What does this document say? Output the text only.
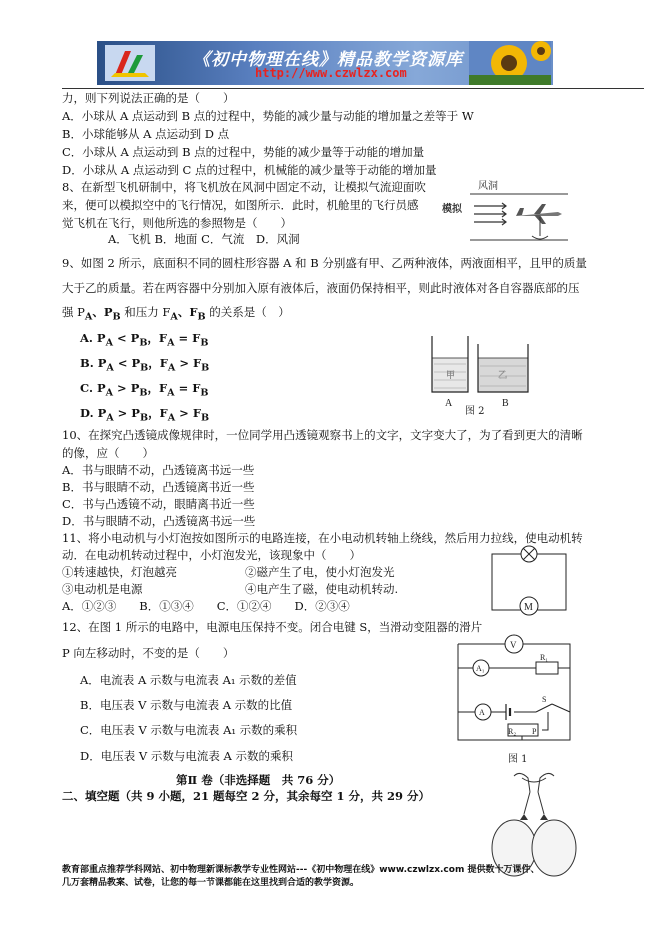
《初中物理在线》精品教学资源库
http://www.czwlzx.com
力，则下列说法正确的是（　　）
A．小球从 A 点运动到 B 点的过程中，势能的减少量与动能的增加量之差等于 W
B．小球能够从 A 点运动到 D 点
C．小球从 A 点运动到 B 点的过程中，势能的减少量等于动能的增加量
D．小球从 A 点运动到 C 点的过程中，机械能的减少量等于动能的增加量
8、在新型飞机研制中，将飞机放在风洞中固定不动，让模拟气流迎面吹
来，便可以模拟空中的飞行情况，如图所示．此时，机舱里的飞行员感
觉飞机在飞行，则他所选的参照物是（　　）
A．飞机 B．地面 C．气流　D．风洞
风洞
模拟
9、如图 2 所示，底面积不同的圆柱形容器 A 和 B 分别盛有甲、乙两种液体，两液面相平，且甲的质量
大于乙的质量。若在两容器中分别加入原有液体后，液面仍保持相平，则此时液体对各自容器底部的压
强 $P_A$、$P_B$ 和压力 $F_A$、$F_B$ 的关系是（　）
A. $P_A < P_B$，$F_A = F_B$
B. $P_A < P_B$，$F_A > F_B$
C. $P_A > P_B$，$F_A = F_B$
D. $P_A > P_B$，$F_A > F_B$
甲	乙
A	B
图 2
10、在探究凸透镜成像规律时，一位同学用凸透镜观察书上的文字，文字变大了，为了看到更大的清晰
的像，应（　　）
A．书与眼睛不动，凸透镜离书远一些
B．书与眼睛不动，凸透镜离书近一些
C．书与凸透镜不动，眼睛离书近一些
D．书与眼睛不动，凸透镜离书远一些
11、将小电动机与小灯泡按如图所示的电路连接，在小电动机转轴上绕线，然后用力拉线，使电动机转
动．在电动机转动过程中，小灯泡发光，该现象中（　　）
①转速越快，灯泡越亮	②磁产生了电，使小灯泡发光
③电动机是电源	④电产生了磁，使电动机转动.
A．①②③　　B．①③④　　C．①②④　　D．②③④	M
12、在图 1 所示的电路中，电源电压保持不变。闭合电键 S，当滑动变阻器的滑片
P 向左移动时，不变的是（　　）
A．电流表 A 示数与电流表 A₁ 示数的差值
B．电压表 V 示数与电流表 A 示数的比值
C．电压表 V 示数与电流表 A₁ 示数的乘积
D．电压表 V 示数与电流表 A 示数的乘积
V
A₁
R₁
A
S
R₂ P
图 1
第Ⅱ 卷（非选择题　共 76 分）
二、填空题（共 9 小题，21 题每空 2 分，其余每空 1 分，共 29 分）
教育部重点推荐学科网站、初中物理新课标教学专业性网站---《初中物理在线》www.czwlzx.com 提供数十万课件、
几万套精品教案、试卷，让您的每一节课都能在这里找到合适的教学资源。
